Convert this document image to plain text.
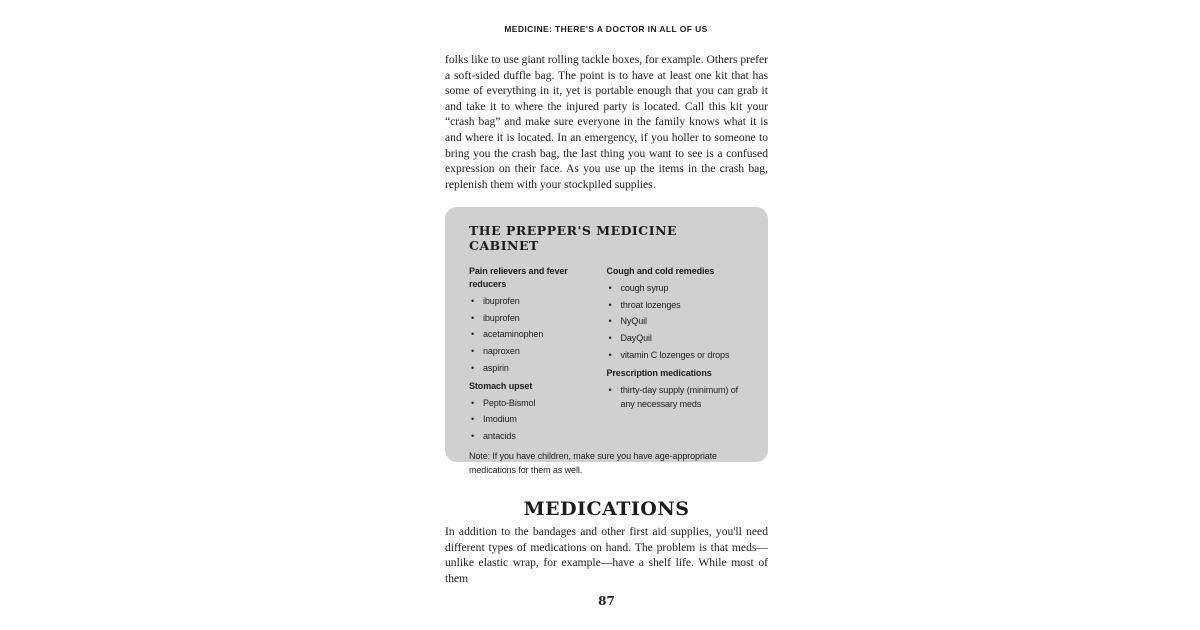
MEDICINE: THERE'S A DOCTOR IN ALL OF US

folks like to use giant rolling tackle boxes, for example. Others prefer a soft-sided duffle bag. The point is to have at least one kit that has some of everything in it, yet is portable enough that you can grab it and take it to where the injured party is located. Call this kit your “crash bag” and make sure everyone in the family knows what it is and where it is located. In an emergency, if you holler to someone to bring you the crash bag, the last thing you want to see is a confused expression on their face. As you use up the items in the crash bag, replenish them with your stockpiled supplies.

THE PREPPER'S MEDICINE CABINET
Pain relievers and fever reducers
• ibuprofen
• ibuprofen
• acetaminophen
• naproxen
• aspirin
Stomach upset
• Pepto-Bismol
• Imodium
• antacids
Cough and cold remedies
• cough syrup
• throat lozenges
• NyQuil
• DayQuil
• vitamin C lozenges or drops
Prescription medications
• thirty-day supply (minimum) of any necessary meds
Note: If you have children, make sure you have age-appropriate medications for them as well.
MEDICATIONS

In addition to the bandages and other first aid supplies, you'll need different types of medications on hand. The problem is that meds—unlike elastic wrap, for example—have a shelf life. While most of them

87
